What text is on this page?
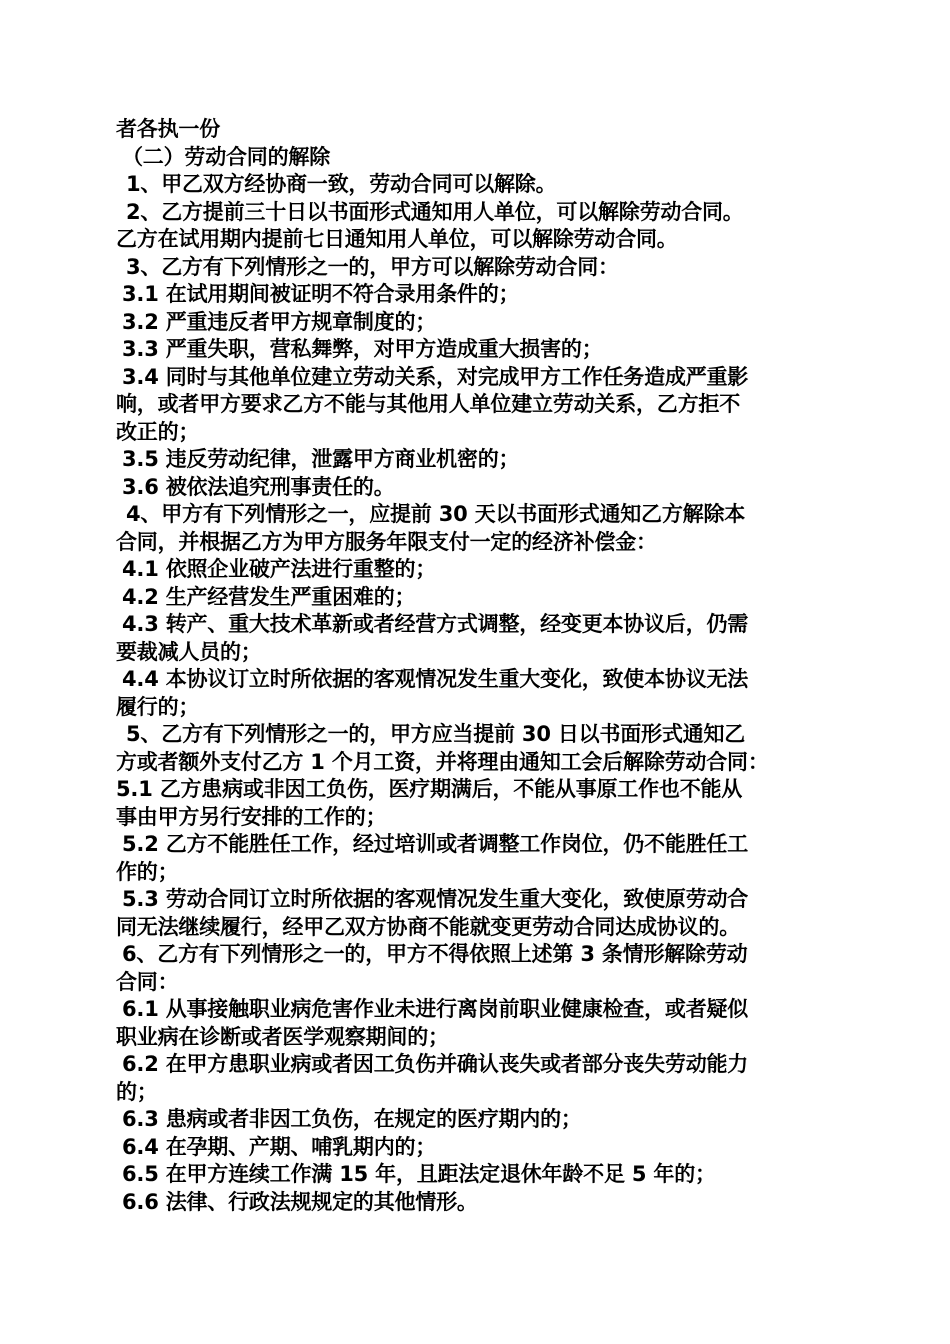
者各执一份
（二）劳动合同的解除
1、甲乙双方经协商一致，劳动合同可以解除。
2、乙方提前三十日以书面形式通知用人单位，可以解除劳动合同。
乙方在试用期内提前七日通知用人单位，可以解除劳动合同。
3、乙方有下列情形之一的，甲方可以解除劳动合同：
3.1 在试用期间被证明不符合录用条件的；
3.2 严重违反者甲方规章制度的；
3.3 严重失职，营私舞弊，对甲方造成重大损害的；
3.4 同时与其他单位建立劳动关系，对完成甲方工作任务造成严重影
响，或者甲方要求乙方不能与其他用人单位建立劳动关系，乙方拒不
改正的；
3.5 违反劳动纪律，泄露甲方商业机密的；
3.6 被依法追究刑事责任的。
4、甲方有下列情形之一，应提前 30 天以书面形式通知乙方解除本
合同，并根据乙方为甲方服务年限支付一定的经济补偿金：
4.1 依照企业破产法进行重整的；
4.2 生产经营发生严重困难的；
4.3 转产、重大技术革新或者经营方式调整，经变更本协议后，仍需
要裁减人员的；
4.4 本协议订立时所依据的客观情况发生重大变化，致使本协议无法
履行的；
5、乙方有下列情形之一的，甲方应当提前 30 日以书面形式通知乙
方或者额外支付乙方 1 个月工资，并将理由通知工会后解除劳动合同：
5.1 乙方患病或非因工负伤，医疗期满后，不能从事原工作也不能从
事由甲方另行安排的工作的；
5.2 乙方不能胜任工作，经过培训或者调整工作岗位，仍不能胜任工
作的；
5.3 劳动合同订立时所依据的客观情况发生重大变化，致使原劳动合
同无法继续履行，经甲乙双方协商不能就变更劳动合同达成协议的。
6、乙方有下列情形之一的，甲方不得依照上述第 3 条情形解除劳动
合同：
6.1 从事接触职业病危害作业未进行离岗前职业健康检查，或者疑似
职业病在诊断或者医学观察期间的；
6.2 在甲方患职业病或者因工负伤并确认丧失或者部分丧失劳动能力
的；
6.3 患病或者非因工负伤，在规定的医疗期内的；
6.4 在孕期、产期、哺乳期内的；
6.5 在甲方连续工作满 15 年，且距法定退休年龄不足 5 年的；
6.6 法律、行政法规规定的其他情形。
